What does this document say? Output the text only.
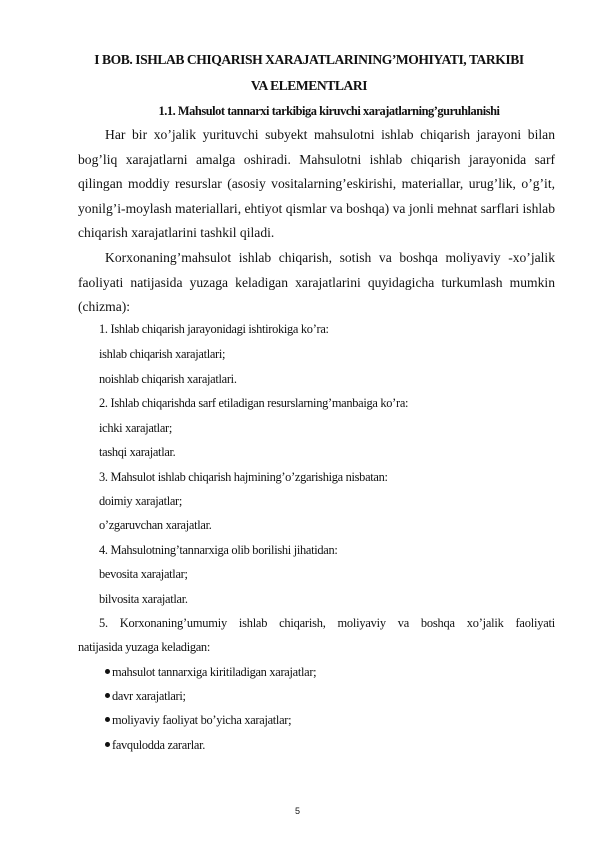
I BOB. ISHLAB CHIQARISH XARAJATLARINING’MOHIYATI, TARKIBI
VA ELEMENTLARI
1.1. Mahsulot tannarxi tarkibiga kiruvchi xarajatlarning’guruhlanishi
Har bir xo’jalik yurituvchi subyekt mahsulotni ishlab chiqarish jarayoni bilan bog’liq xarajatlarni amalga oshiradi. Mahsulotni ishlab chiqarish jarayonida sarf qilingan moddiy resurslar (asosiy vositalarning’eskirishi, materiallar, urug’lik, o’g’it, yonilg’i-moylash materiallari, ehtiyot qismlar va boshqa) va jonli mehnat sarflari ishlab chiqarish xarajatlarini tashkil qiladi.
Korxonaning’mahsulot ishlab chiqarish, sotish va boshqa moliyaviy -xo’jalik faoliyati natijasida yuzaga keladigan xarajatlarini quyidagicha turkumlash mumkin (chizma):
1. Ishlab chiqarish jarayonidagi ishtirokiga ko’ra:
ishlab chiqarish xarajatlari;
noishlab chiqarish xarajatlari.
2. Ishlab chiqarishda sarf etiladigan resurslarning’manbaiga ko’ra:
ichki xarajatlar;
tashqi xarajatlar.
3. Mahsulot ishlab chiqarish hajmining’o’zgarishiga nisbatan:
doimiy xarajatlar;
o’zgaruvchan xarajatlar.
4. Mahsulotning’tannarxiga olib borilishi jihatidan:
bevosita xarajatlar;
bilvosita xarajatlar.
5. Korxonaning’umumiy ishlab chiqarish, moliyaviy va boshqa xo’jalik faoliyati
natijasida yuzaga keladigan:
mahsulot tannarxiga kiritiladigan xarajatlar;
davr xarajatlari;
moliyaviy faoliyat bo’yicha xarajatlar;
favqulodda zararlar.
5
